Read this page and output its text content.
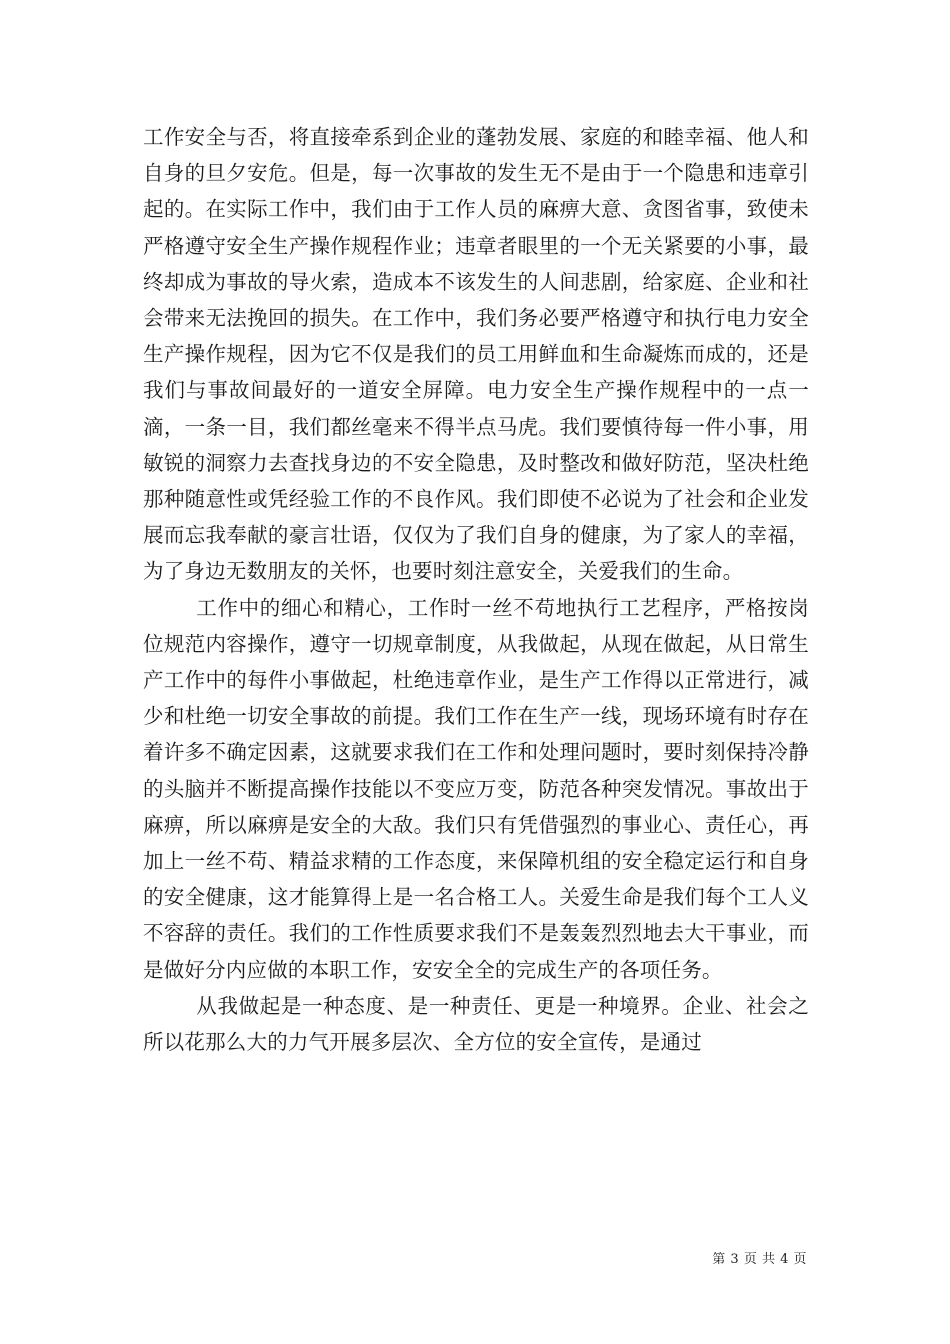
工作安全与否，将直接牵系到企业的蓬勃发展、家庭的和睦幸福、他人和自身的旦夕安危。但是，每一次事故的发生无不是由于一个隐患和违章引起的。在实际工作中，我们由于工作人员的麻痹大意、贪图省事，致使未严格遵守安全生产操作规程作业；违章者眼里的一个无关紧要的小事，最终却成为事故的导火索，造成本不该发生的人间悲剧，给家庭、企业和社会带来无法挽回的损失。在工作中，我们务必要严格遵守和执行电力安全生产操作规程，因为它不仅是我们的员工用鲜血和生命凝炼而成的，还是我们与事故间最好的一道安全屏障。电力安全生产操作规程中的一点一滴，一条一目，我们都丝毫来不得半点马虎。我们要慎待每一件小事，用敏锐的洞察力去查找身边的不安全隐患，及时整改和做好防范，坚决杜绝那种随意性或凭经验工作的不良作风。我们即使不必说为了社会和企业发展而忘我奉献的豪言壮语，仅仅为了我们自身的健康，为了家人的幸福，为了身边无数朋友的关怀，也要时刻注意安全，关爱我们的生命。

工作中的细心和精心，工作时一丝不苟地执行工艺程序，严格按岗位规范内容操作，遵守一切规章制度，从我做起，从现在做起，从日常生产工作中的每件小事做起，杜绝违章作业，是生产工作得以正常进行，减少和杜绝一切安全事故的前提。我们工作在生产一线，现场环境有时存在着许多不确定因素，这就要求我们在工作和处理问题时，要时刻保持冷静的头脑并不断提高操作技能以不变应万变，防范各种突发情况。事故出于麻痹，所以麻痹是安全的大敌。我们只有凭借强烈的事业心、责任心，再加上一丝不苟、精益求精的工作态度，来保障机组的安全稳定运行和自身的安全健康，这才能算得上是一名合格工人。关爱生命是我们每个工人义不容辞的责任。我们的工作性质要求我们不是轰轰烈烈地去大干事业，而是做好分内应做的本职工作，安安全全的完成生产的各项任务。

从我做起是一种态度、是一种责任、更是一种境界。企业、社会之所以花那么大的力气开展多层次、全方位的安全宣传，是通过

第 3 页 共 4 页
